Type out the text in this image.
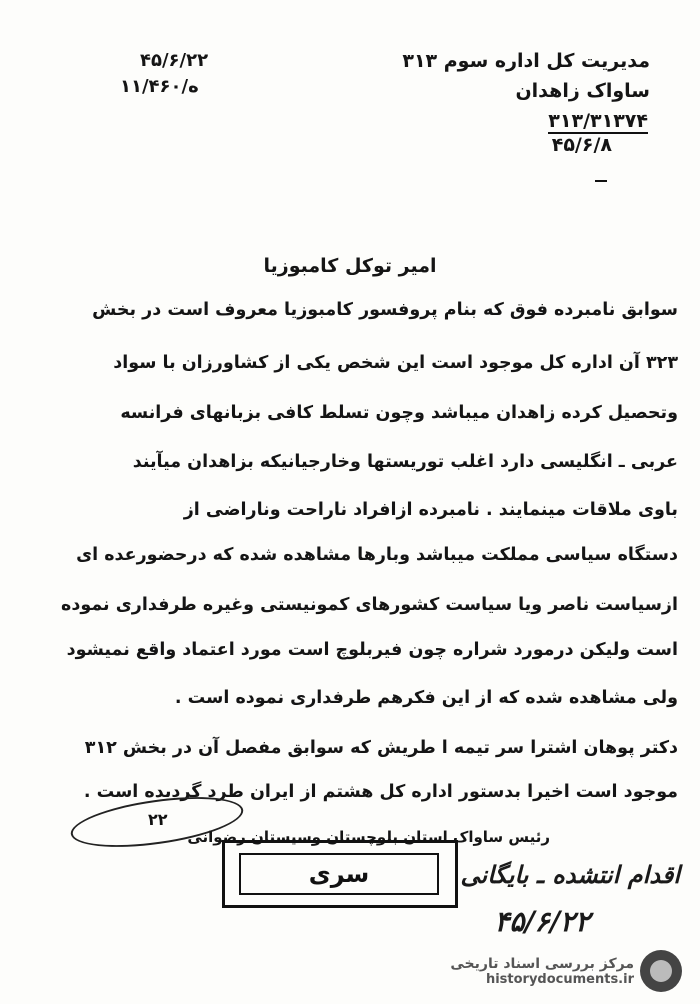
مدیریت کل اداره سوم ۳۱۳
ساواک زاهدان
۳۱۳/۳۱۳۷۴
۴۵/۶/۸
۴۵/۶/۲۲
۱۱/۴۶۰/ه
امیر توکل کامبوزیا
سوابق نامبرده فوق که بنام پروفسور کامبوزیا معروف است در بخش
۳۲۳ آن اداره کل موجود است این شخص یکی از کشاورزان با سواد
وتحصیل کرده زاهدان میباشد وچون تسلط کافی بزبانهای فرانسه
عربی ـ انگلیسی دارد اغلب توریستها وخارجیانیکه بزاهدان میآیند
باوی ملاقات مینمایند . نامبرده ازافراد ناراحت وناراضی از
دستگاه سیاسی مملکت میباشد وبارها مشاهده شده که درحضورعده ای
ازسیاست ناصر ویا سیاست کشورهای کمونیستی وغیره طرفداری نموده
است ولیکن درمورد شراره چون فیربلوچ است مورد اعتماد واقع نمیشود
ولی مشاهده شده که از این فکرهم طرفداری نموده است .
دکتر پوهان اشترا سر تیمه ا طریش که سوابق مفصل آن در بخش ۳۱۲
موجود است اخیرا بدستور اداره کل هشتم از ایران طرد گردیده است .
۲۲
رئیس ساواک استان بلوچستان وسیستان رضوانی
سری	اقدام انتشده ـ بایگانی
۴۵/۶/۲۲
مرکز بررسی اسناد تاریخی
historydocuments.ir
